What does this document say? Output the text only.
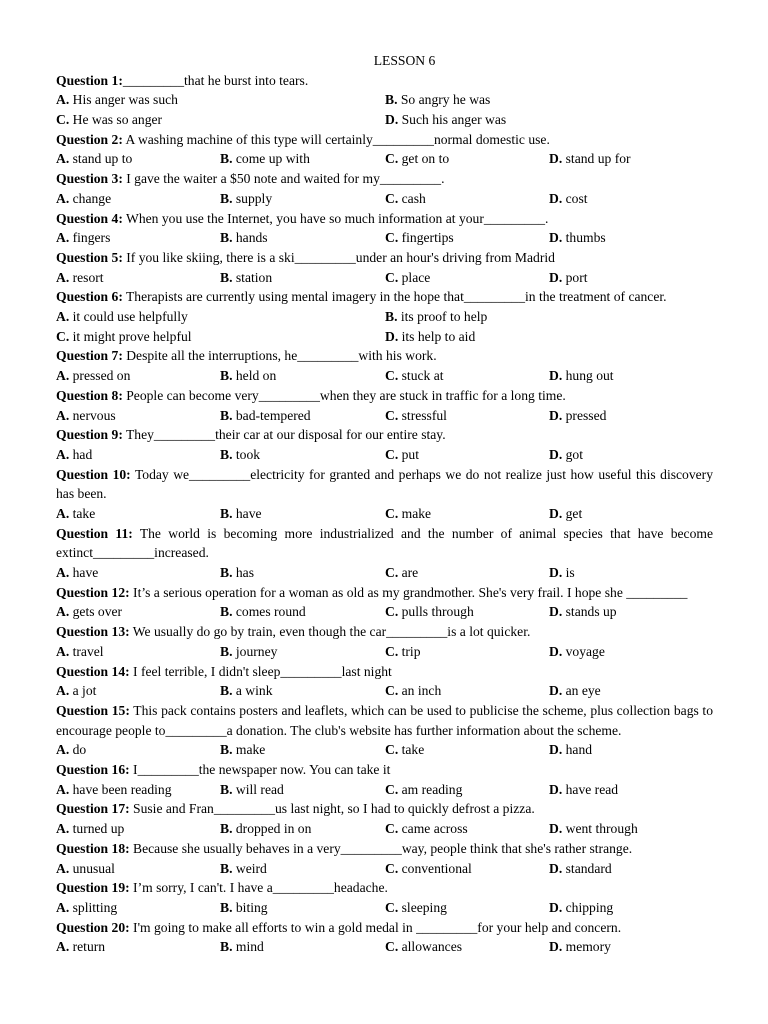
LESSON 6
Question 1:_________that he burst into tears.
A. His anger was such	B. So angry he was
C. He was so anger	D. Such his anger was
Question 2: A washing machine of this type will certainly_________normal domestic use.
A. stand up to	B. come up with	C. get on to	D. stand up for
Question 3: I gave the waiter a $50 note and waited for my_________.
A. change	B. supply	C. cash	D. cost
Question 4: When you use the Internet, you have so much information at your_________.
A. fingers	B. hands	C. fingertips	D. thumbs
Question 5: If you like skiing, there is a ski_________under an hour's driving from Madrid
A. resort	B. station	C. place	D. port
Question 6: Therapists are currently using mental imagery in the hope that_________in the treatment of cancer.
A. it could use helpfully	B. its proof to help
C. it might prove helpful	D. its help to aid
Question 7: Despite all the interruptions, he_________with his work.
A. pressed on	B. held on	C. stuck at	D. hung out
Question 8: People can become very_________when they are stuck in traffic for a long time.
A. nervous	B. bad-tempered	C. stressful	D. pressed
Question 9: They_________their car at our disposal for our entire stay.
A. had	B. took	C. put	D. got
Question 10: Today we_________electricity for granted and perhaps we do not realize just how useful this discovery has been.
A. take	B. have	C. make	D. get
Question 11: The world is becoming more industrialized and the number of animal species that have become extinct_________increased.
A. have	B. has	C. are	D. is
Question 12: It’s a serious operation for a woman as old as my grandmother. She's very frail. I hope she _________
A. gets over	B. comes round	C. pulls through	D. stands up
Question 13: We usually do go by train, even though the car_________is a lot quicker.
A. travel	B. journey	C. trip	D. voyage
Question 14: I feel terrible, I didn't sleep_________last night
A. a jot	B. a wink	C. an inch	D. an eye
Question 15: This pack contains posters and leaflets, which can be used to publicise the scheme, plus collection bags to encourage people to_________a donation. The club's website has further information about the scheme.
A. do	B. make	C. take	D. hand
Question 16: I_________the newspaper now. You can take it
A. have been reading	B. will read	C. am reading	D. have read
Question 17: Susie and Fran_________us last night, so I had to quickly defrost a pizza.
A. turned up	B. dropped in on	C. came across	D. went through
Question 18: Because she usually behaves in a very_________way, people think that she's rather strange.
A. unusual	B. weird	C. conventional	D. standard
Question 19: I’m sorry, I can't. I have a_________headache.
A. splitting	B. biting	C. sleeping	D. chipping
Question 20: I'm going to make all efforts to win a gold medal in _________for your help and concern.
A. return	B. mind	C. allowances	D. memory
